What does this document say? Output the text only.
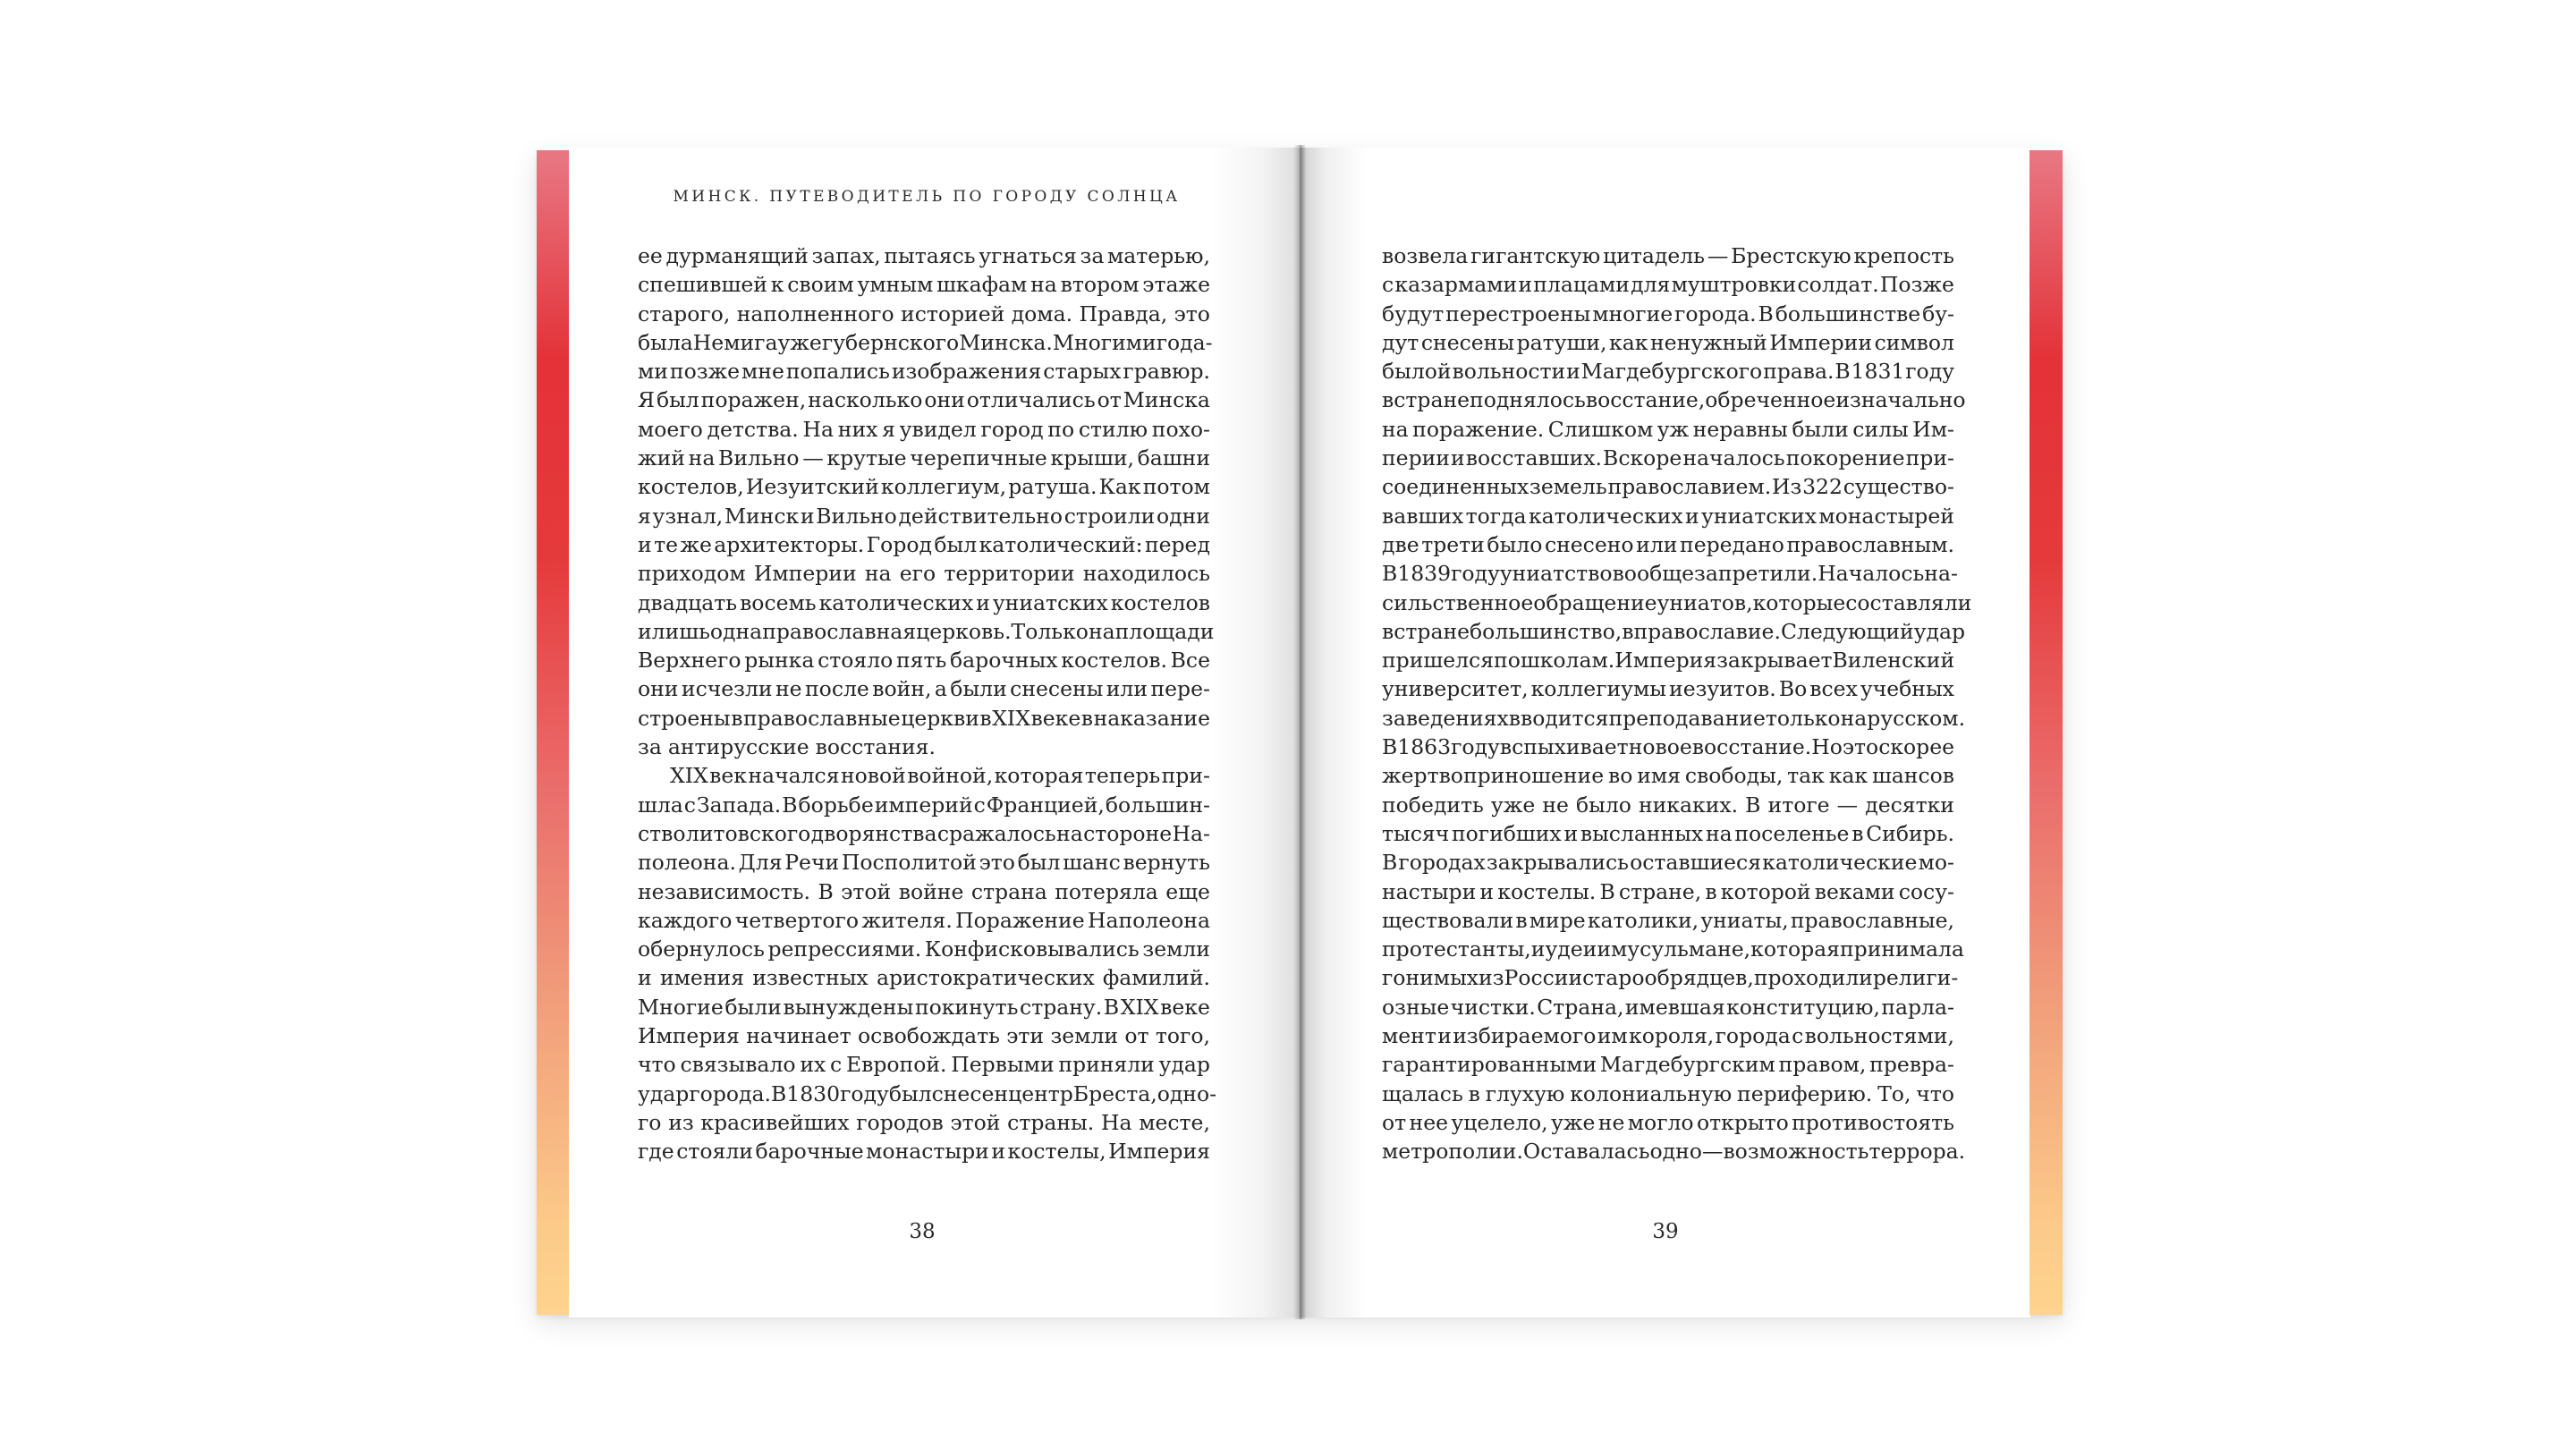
МИНСК. ПУТЕВОДИТЕЛЬ ПО ГОРОДУ СОЛНЦА
ее дурманящий запах, пытаясь угнаться за матерью,
спешившей к своим умным шкафам на втором этаже
старого, наполненного историей дома. Правда, это
была Немига уже губернского Минска. Многими года-
ми позже мне попались изображения старых гравюр.
Я был поражен, насколько они отличались от Минска
моего детства. На них я увидел город по стилю похо-
жий на Вильно — крутые черепичные крыши, башни
костелов, Иезуитский коллегиум, ратуша. Как потом
я узнал, Минск и Вильно действительно строили одни
и те же архитекторы. Город был католический: перед
приходом Империи на его территории находилось
двадцать восемь католических и униатских костелов
и лишь одна православная церковь. Только на площади
Верхнего рынка стояло пять барочных костелов. Все
они исчезли не после войн, а были снесены или пере-
строены в православные церкви в XIX веке в наказание
за антирусские восстания.
XIX век начался новой войной, которая теперь при-
шла с Запада. В борьбе империй с Францией, большин-
ство литовского дворянства сражалось на стороне На-
полеона. Для Речи Посполитой это был шанс вернуть
независимость. В этой войне страна потеряла еще
каждого четвертого жителя. Поражение Наполеона
обернулось репрессиями. Конфисковывались земли
и имения известных аристократических фамилий.
Многие были вынуждены покинуть страну. В XIX веке
Империя начинает освобождать эти земли от того,
что связывало их с Европой. Первыми приняли удар
удар города. В 1830 году был снесен центр Бреста, одно-
го из красивейших городов этой страны. На месте,
где стояли барочные монастыри и костелы, Империя
возвела гигантскую цитадель — Брестскую крепость
с казармами и плацами для муштровки солдат. Позже
будут перестроены многие города. В большинстве бу-
дут снесены ратуши, как ненужный Империи символ
былой вольности и Магдебургского права. В 1831 году
в стране поднялось восстание, обреченное изначально
на поражение. Слишком уж неравны были силы Им-
перии и восставших. Вскоре началось покорение при-
соединенных земель православием. Из 322 существо-
вавших тогда католических и униатских монастырей
две трети было снесено или передано православным.
В 1839 году униатство вообще запретили. Началось на-
сильственное обращение униатов, которые составляли
в стране большинство, в православие. Следующий удар
пришелся по школам. Империя закрывает Виленский
университет, коллегиумы иезуитов. Во всех учебных
заведениях вводится преподавание только на русском.
В 1863 году вспыхивает новое восстание. Но это скорее
жертвоприношение во имя свободы, так как шансов
победить уже не было никаких. В итоге — десятки
тысяч погибших и высланных на поселенье в Сибирь.
В городах закрывались оставшиеся католические мо-
настыри и костелы. В стране, в которой веками сосу-
ществовали в мире католики, униаты, православные,
протестанты, иудеи и мусульмане, которая принимала
гонимых из России старообрядцев, проходили религи-
озные чистки. Страна, имевшая конституцию, парла-
мент и избираемого им короля, города с вольностями,
гарантированными Магдебургским правом, превра-
щалась в глухую колониальную периферию. То, что
от нее уцелело, уже не могло открыто противостоять
метрополии. Оставалась одно — возможность террора.
38	39
